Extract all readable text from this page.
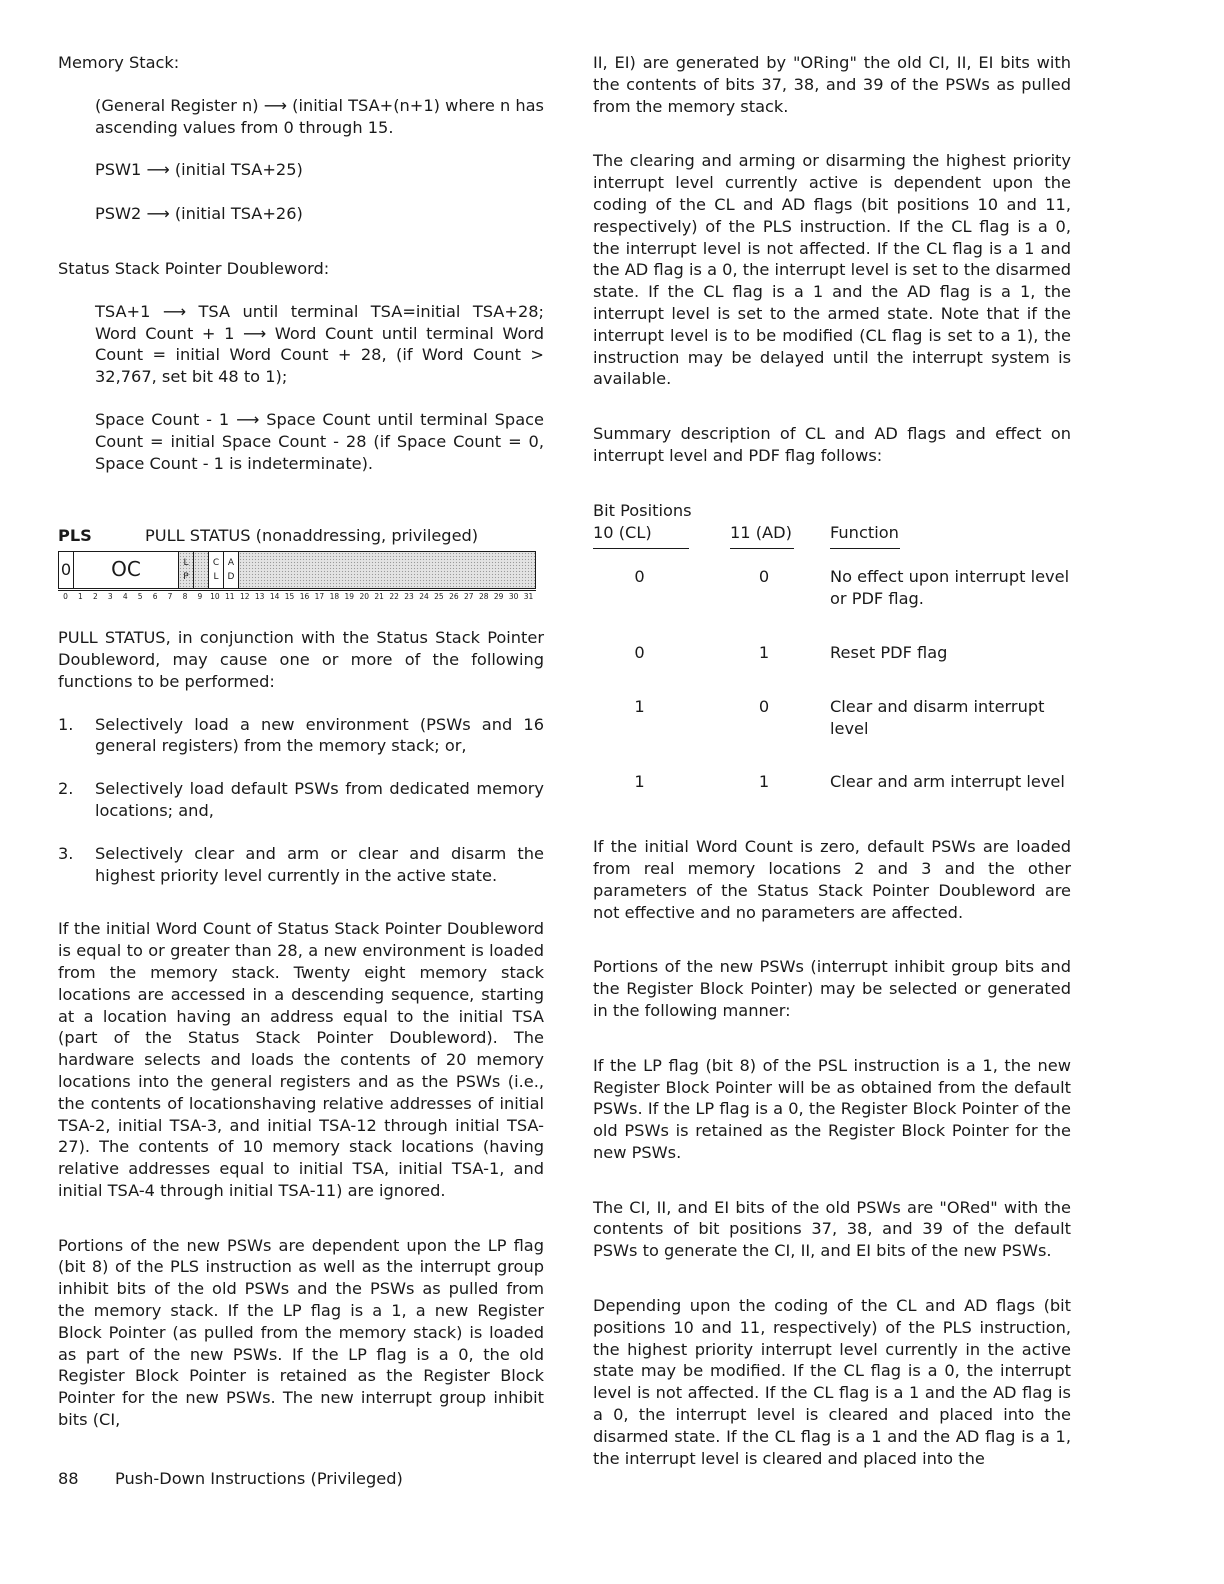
Memory Stack:

(General Register n) ⟶ (initial TSA+(n+1) where n has ascending values from 0 through 15.

PSW1 ⟶ (initial TSA+25)

PSW2 ⟶ (initial TSA+26)

Status Stack Pointer Doubleword:

TSA+1 ⟶ TSA until terminal TSA=initial TSA+28; Word Count + 1 ⟶ Word Count until terminal Word Count = initial Word Count + 28, (if Word Count > 32,767, set bit 48 to 1);

Space Count - 1 ⟶ Space Count until terminal Space Count = initial Space Count - 28 (if Space Count = 0, Space Count - 1 is indeterminate).

PLS	PULL STATUS (nonaddressing, privileged)
0 OC	L
P
C
L
A
D
0	1	2	3	4	5	6	7	8	9	10 11 12 13 14 15 16 17 18 19 20 21 22 23 24 25 26 27 28 29 30 31

PULL STATUS, in conjunction with the Status Stack Pointer Doubleword, may cause one or more of the following functions to be performed:

1.	Selectively load a new environment (PSWs and 16 general registers) from the memory stack; or,
2.	Selectively load default PSWs from dedicated memory locations; and,
3.	Selectively clear and arm or clear and disarm the highest priority level currently in the active state.

If the initial Word Count of Status Stack Pointer Doubleword is equal to or greater than 28, a new environment is loaded from the memory stack. Twenty eight memory stack locations are accessed in a descending sequence, starting at a location having an address equal to the initial TSA (part of the Status Stack Pointer Doubleword). The hardware selects and loads the contents of 20 memory locations into the general registers and as the PSWs (i.e., the contents of locationshaving relative addresses of initial TSA-2, initial TSA-3, and initial TSA-12 through initial TSA-27). The contents of 10 memory stack locations (having relative addresses equal to initial TSA, initial TSA-1, and initial TSA-4 through initial TSA-11) are ignored.

Portions of the new PSWs are dependent upon the LP flag (bit 8) of the PLS instruction as well as the interrupt group inhibit bits of the old PSWs and the PSWs as pulled from the memory stack. If the LP flag is a 1, a new Register Block Pointer (as pulled from the memory stack) is loaded as part of the new PSWs. If the LP flag is a 0, the old Register Block Pointer is retained as the Register Block Pointer for the new PSWs. The new interrupt group inhibit bits (CI,

II, EI) are generated by "ORing" the old CI, II, EI bits with the contents of bits 37, 38, and 39 of the PSWs as pulled from the memory stack.

The clearing and arming or disarming the highest priority interrupt level currently active is dependent upon the coding of the CL and AD flags (bit positions 10 and 11, respectively) of the PLS instruction. If the CL flag is a 0, the interrupt level is not affected. If the CL flag is a 1 and the AD flag is a 0, the interrupt level is set to the disarmed state. If the CL flag is a 1 and the AD flag is a 1, the interrupt level is set to the armed state. Note that if the interrupt level is to be modified (CL flag is set to a 1), the instruction may be delayed until the interrupt system is available.

Summary description of CL and AD flags and effect on interrupt level and PDF flag follows:

Bit Positions

10 (CL)	11 (AD)	Function
0	0	No effect upon interrupt level or PDF flag.
0	1	Reset PDF flag
1	0	Clear and disarm interrupt level
1	1	Clear and arm interrupt level

If the initial Word Count is zero, default PSWs are loaded from real memory locations 2 and 3 and the other parameters of the Status Stack Pointer Doubleword are not effective and no parameters are affected.

Portions of the new PSWs (interrupt inhibit group bits and the Register Block Pointer) may be selected or generated in the following manner:

If the LP flag (bit 8) of the PSL instruction is a 1, the new Register Block Pointer will be as obtained from the default PSWs. If the LP flag is a 0, the Register Block Pointer of the old PSWs is retained as the Register Block Pointer for the new PSWs.

The CI, II, and EI bits of the old PSWs are "ORed" with the contents of bit positions 37, 38, and 39 of the default PSWs to generate the CI, II, and EI bits of the new PSWs.

Depending upon the coding of the CL and AD flags (bit positions 10 and 11, respectively) of the PLS instruction, the highest priority interrupt level currently in the active state may be modified. If the CL flag is a 0, the interrupt level is not affected. If the CL flag is a 1 and the AD flag is a 0, the interrupt level is cleared and placed into the disarmed state. If the CL flag is a 1 and the AD flag is a 1, the interrupt level is cleared and placed into the

88	Push-Down Instructions (Privileged)
